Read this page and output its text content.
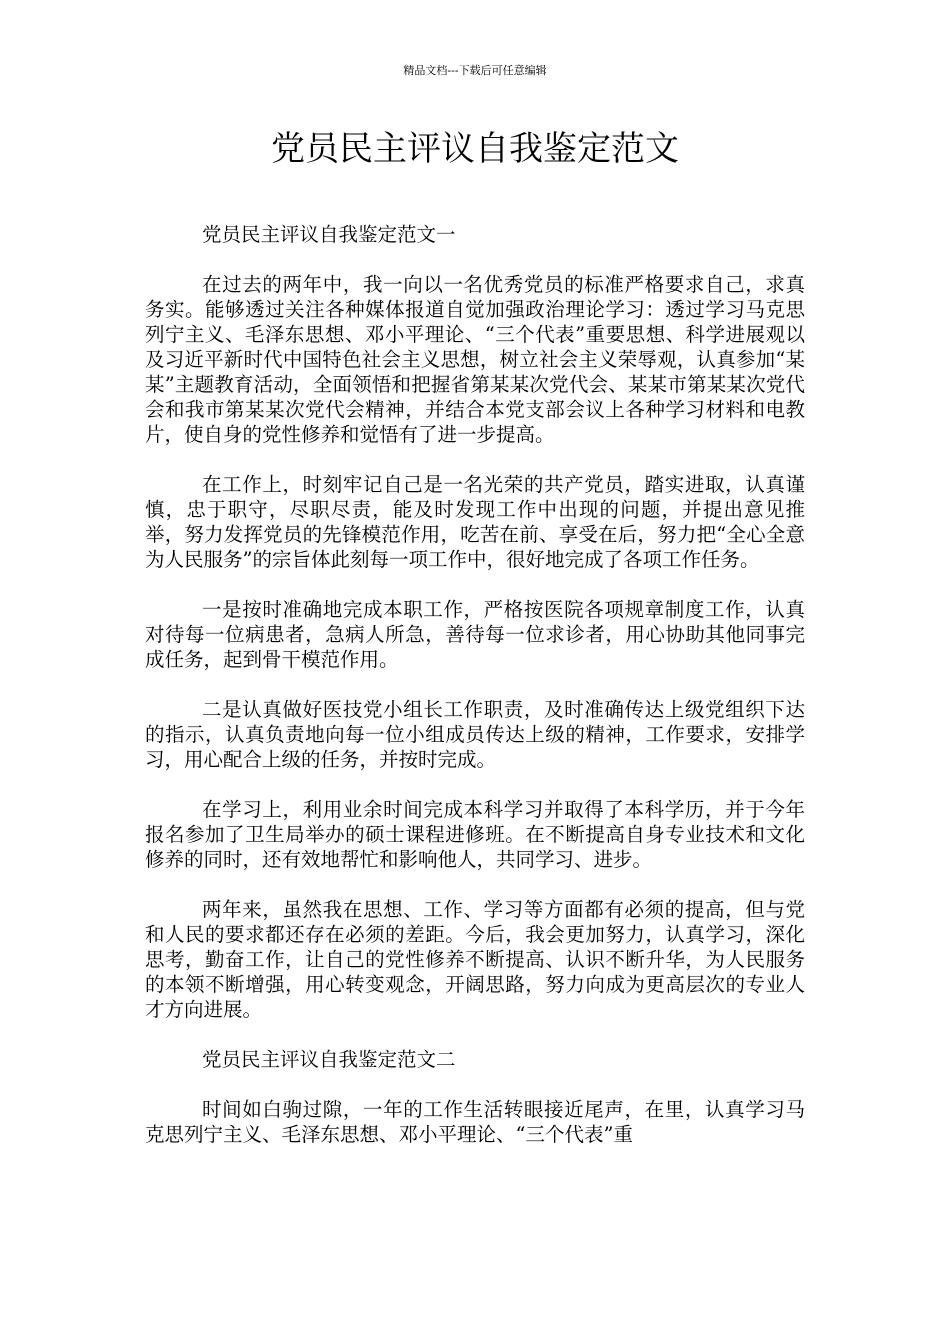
精品文档---下载后可任意编辑
党员民主评议自我鉴定范文

党员民主评议自我鉴定范文一

在过去的两年中，我一向以一名优秀党员的标准严格要求自己，求真务实。能够透过关注各种媒体报道自觉加强政治理论学习：透过学习马克思列宁主义、毛泽东思想、邓小平理论、“三个代表”重要思想、科学进展观以及习近平新时代中国特色社会主义思想，树立社会主义荣辱观，认真参加“某某”主题教育活动，全面领悟和把握省第某某次党代会、某某市第某某次党代会和我市第某某次党代会精神，并结合本党支部会议上各种学习材料和电教片，使自身的党性修养和觉悟有了进一步提高。

在工作上，时刻牢记自己是一名光荣的共产党员，踏实进取，认真谨慎，忠于职守，尽职尽责，能及时发现工作中出现的问题，并提出意见推举，努力发挥党员的先锋模范作用，吃苦在前、享受在后，努力把“全心全意为人民服务”的宗旨体此刻每一项工作中，很好地完成了各项工作任务。

一是按时准确地完成本职工作，严格按医院各项规章制度工作，认真对待每一位病患者，急病人所急，善待每一位求诊者，用心协助其他同事完成任务，起到骨干模范作用。

二是认真做好医技党小组长工作职责，及时准确传达上级党组织下达的指示，认真负责地向每一位小组成员传达上级的精神，工作要求，安排学习，用心配合上级的任务，并按时完成。

在学习上，利用业余时间完成本科学习并取得了本科学历，并于今年报名参加了卫生局举办的硕士课程进修班。在不断提高自身专业技术和文化修养的同时，还有效地帮忙和影响他人，共同学习、进步。

两年来，虽然我在思想、工作、学习等方面都有必须的提高，但与党和人民的要求都还存在必须的差距。今后，我会更加努力，认真学习，深化思考，勤奋工作，让自己的党性修养不断提高、认识不断升华，为人民服务的本领不断增强，用心转变观念，开阔思路，努力向成为更高层次的专业人才方向进展。

党员民主评议自我鉴定范文二

时间如白驹过隙，一年的工作生活转眼接近尾声，在里，认真学习马克思列宁主义、毛泽东思想、邓小平理论、“三个代表”重
